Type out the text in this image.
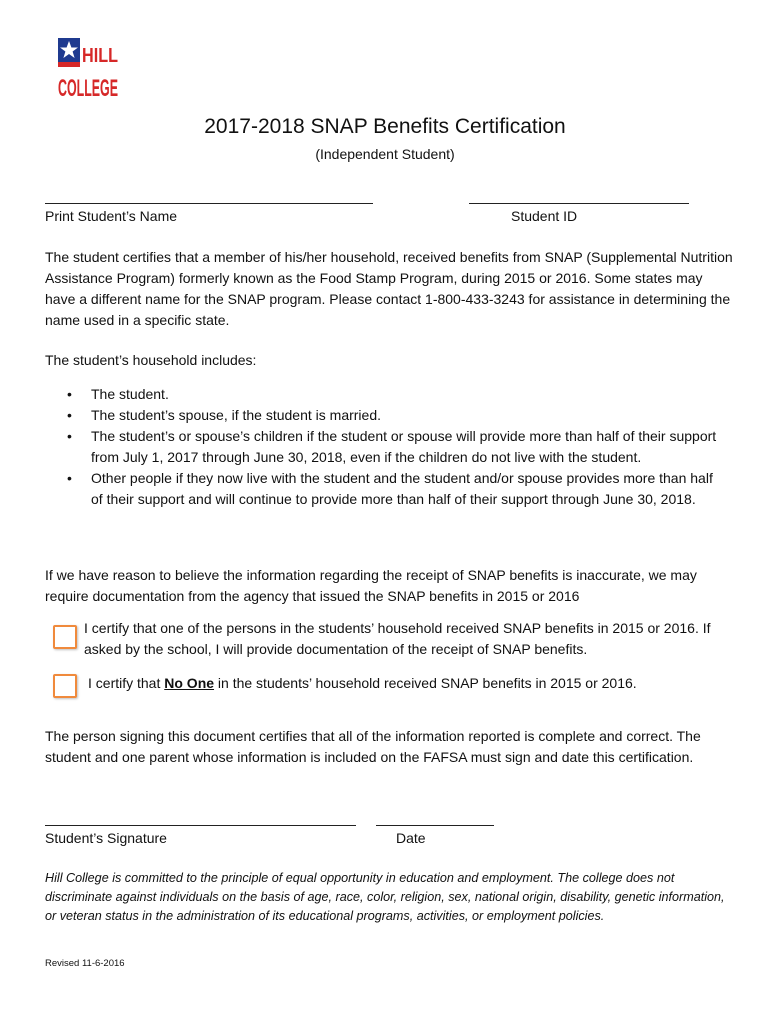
HILL
COLLEGE
2017-2018 SNAP Benefits Certification
(Independent Student)
Print Student’s Name	Student ID
The student certifies that a member of his/her household, received benefits from SNAP (Supplemental Nutrition Assistance Program) formerly known as the Food Stamp Program, during 2015 or 2016. Some states may have a different name for the SNAP program. Please contact 1-800-433-3243 for assistance in determining the name used in a specific state.
The student’s household includes:
• The student.
• The student’s spouse, if the student is married.
• The student’s or spouse’s children if the student or spouse will provide more than half of their support from July 1, 2017 through June 30, 2018, even if the children do not live with the student.
• Other people if they now live with the student and the student and/or spouse provides more than half of their support and will continue to provide more than half of their support through June 30, 2018.
If we have reason to believe the information regarding the receipt of SNAP benefits is inaccurate, we may require documentation from the agency that issued the SNAP benefits in 2015 or 2016
I certify that one of the persons in the students’ household received SNAP benefits in 2015 or 2016. If asked by the school, I will provide documentation of the receipt of SNAP benefits.
I certify that No One in the students’ household received SNAP benefits in 2015 or 2016.
The person signing this document certifies that all of the information reported is complete and correct. The student and one parent whose information is included on the FAFSA must sign and date this certification.
Student’s Signature	Date
Hill College is committed to the principle of equal opportunity in education and employment. The college does not discriminate against individuals on the basis of age, race, color, religion, sex, national origin, disability, genetic information, or veteran status in the administration of its educational programs, activities, or employment policies.
Revised 11-6-2016
